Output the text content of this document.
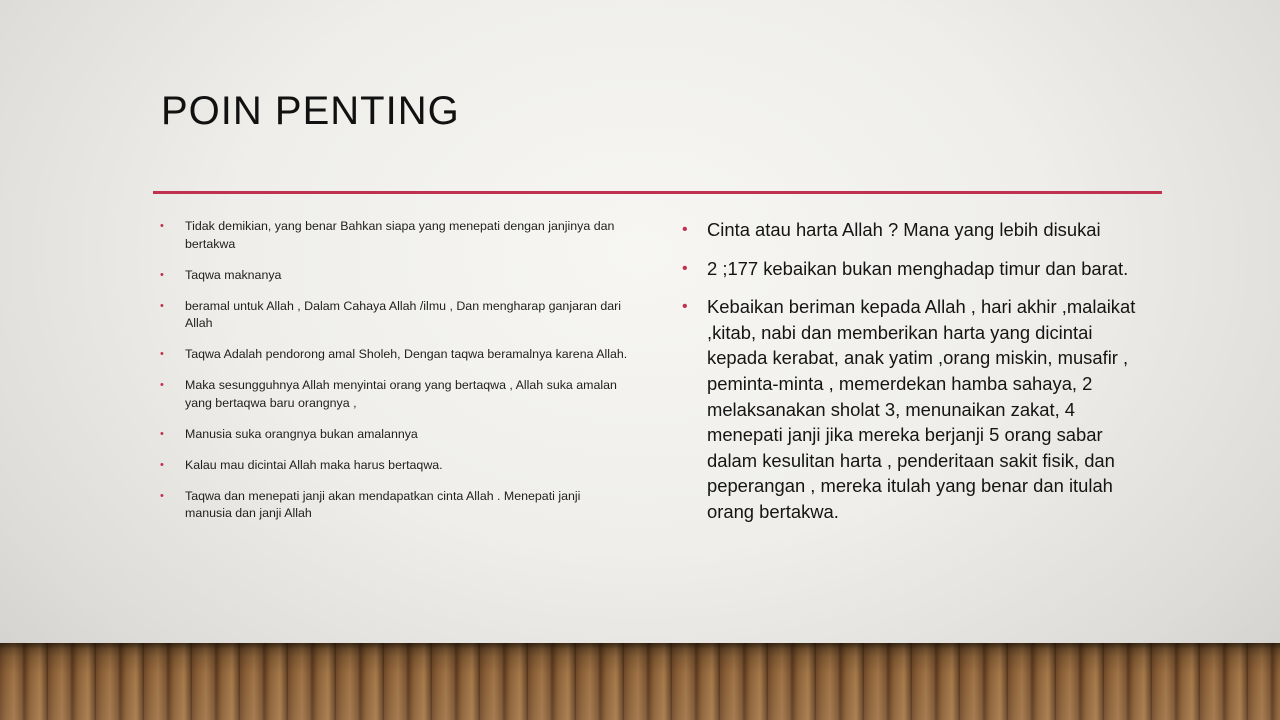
POIN PENTING
• Tidak demikian, yang benar Bahkan siapa yang menepati dengan janjinya dan bertakwa
• Taqwa maknanya
• beramal untuk Allah , Dalam Cahaya Allah /ilmu , Dan mengharap ganjaran dari Allah
• Taqwa Adalah pendorong amal Sholeh, Dengan taqwa beramalnya karena Allah.
• Maka sesungguhnya Allah menyintai orang yang bertaqwa , Allah suka amalan yang bertaqwa baru orangnya ,
• Manusia suka orangnya bukan amalannya
• Kalau mau dicintai Allah maka harus bertaqwa.
• Taqwa dan menepati janji akan mendapatkan cinta Allah . Menepati janji manusia dan janji Allah
• Cinta atau harta Allah ? Mana yang lebih disukai
• 2 ;177 kebaikan bukan menghadap timur dan barat.
• Kebaikan beriman kepada Allah , hari akhir ,malaikat ,kitab, nabi dan memberikan harta yang dicintai kepada kerabat, anak yatim ,orang miskin, musafir , peminta-minta , memerdekan hamba sahaya, 2 melaksanakan sholat 3, menunaikan zakat, 4 menepati janji jika mereka berjanji 5 orang sabar dalam kesulitan harta , penderitaan sakit fisik, dan peperangan , mereka itulah yang benar dan itulah orang bertakwa.
